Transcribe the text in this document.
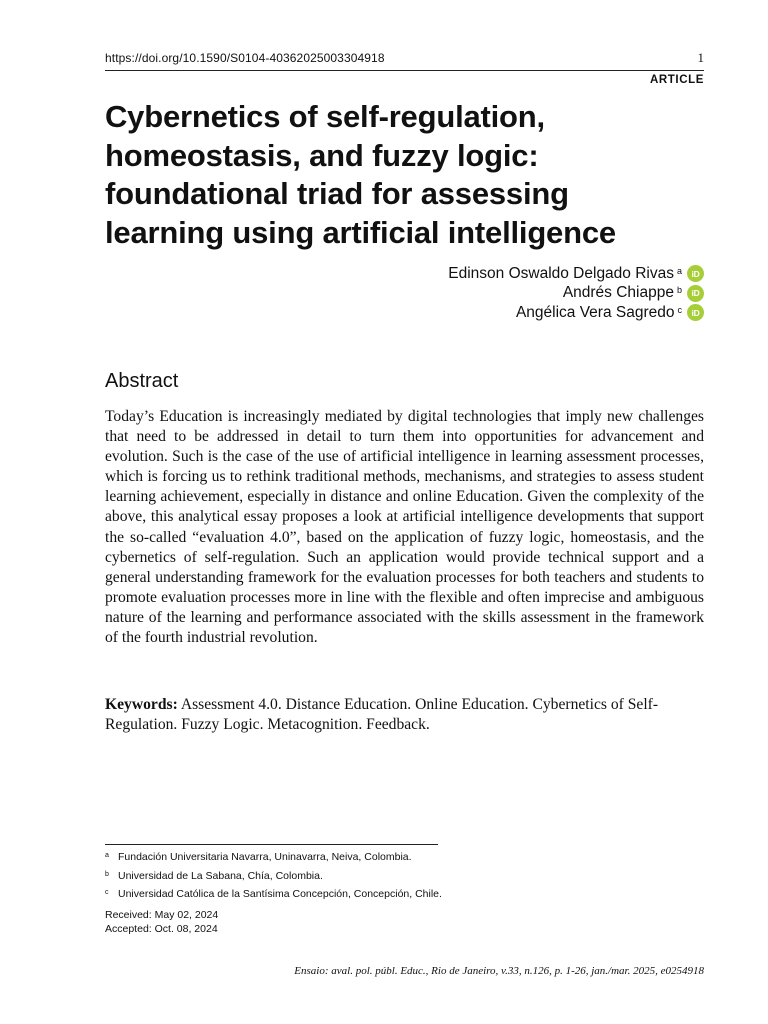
https://doi.org/10.1590/S0104-40362025003304918	1
ARTICLE
Cybernetics of self-regulation,
homeostasis, and fuzzy logic:
foundational triad for assessing
learning using artificial intelligence
Edinson Oswaldo Delgado Rivas a	iD
Andrés Chiappe b	iD
Angélica Vera Sagredo c	iD
Abstract

Today’s Education is increasingly mediated by digital technologies that imply new challenges that need to be addressed in detail to turn them into opportunities for advancement and evolution. Such is the case of the use of artificial intelligence in learning assessment processes, which is forcing us to rethink traditional methods, mechanisms, and strategies to assess student learning achievement, especially in distance and online Education. Given the complexity of the above, this analytical essay proposes a look at artificial intelligence developments that support the so-called “evaluation 4.0”, based on the application of fuzzy logic, homeostasis, and the cybernetics of self-regulation. Such an application would provide technical support and a general understanding framework for the evaluation processes for both teachers and students to promote evaluation processes more in line with the flexible and often imprecise and ambiguous nature of the learning and performance associated with the skills assessment in the framework of the fourth industrial revolution.

Keywords: Assessment 4.0. Distance Education. Online Education. Cybernetics of Self-Regulation. Fuzzy Logic. Metacognition. Feedback.

a Fundación Universitaria Navarra, Uninavarra, Neiva, Colombia.
b Universidad de La Sabana, Chía, Colombia.
c Universidad Católica de la Santísima Concepción, Concepción, Chile.
Received: May 02, 2024
Accepted: Oct. 08, 2024
Ensaio: aval. pol. públ. Educ., Rio de Janeiro, v.33, n.126, p. 1-26, jan./mar. 2025, e0254918
